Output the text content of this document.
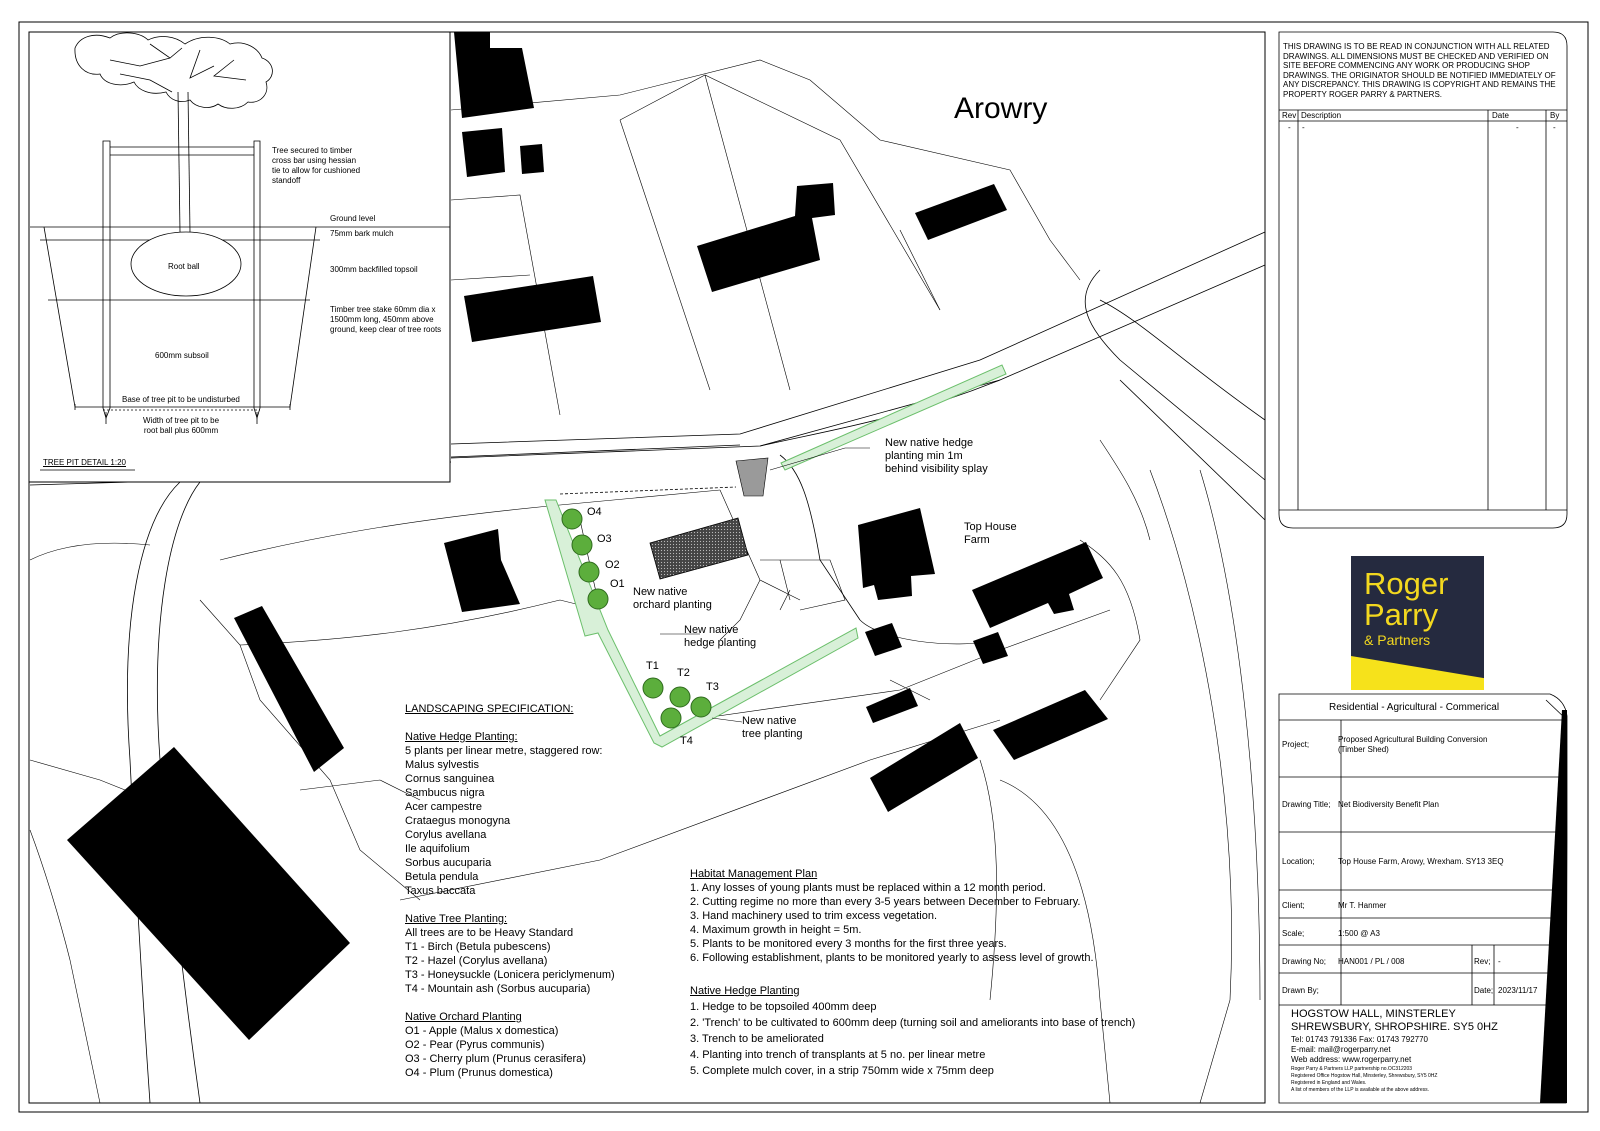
Arowry
Tree secured to timber
cross bar using hessian
tie to allow for cushioned
standoff
Ground level
75mm bark mulch
Root ball	300mm backfilled topsoil
Timber tree stake 60mm dia x
1500mm long, 450mm above
ground, keep clear of tree roots
600mm subsoil
Base of tree pit to be undisturbed
Width of tree pit to be
root ball plus 600mm
TREE PIT DETAIL 1:20
New native hedge
planting min 1m
behind visibility splay
Top House
Farm
New native
orchard planting
New native
hedge planting
New native
tree planting
O4
O3
O2
O1
T1
T2
T3
T4
LANDSCAPING SPECIFICATION:

Native Hedge Planting:
5 plants per linear metre, staggered row:
Malus sylvestis
Cornus sanguinea
Sambucus nigra
Acer campestre
Crataegus monogyna
Corylus avellana
Ile aquifolium
Sorbus aucuparia
Betula pendula
Taxus baccata

Native Tree Planting:
All trees are to be Heavy Standard
T1 - Birch (Betula pubescens)
T2 - Hazel (Corylus avellana)
T3 - Honeysuckle (Lonicera periclymenum)
T4 - Mountain ash (Sorbus aucuparia)

Native Orchard Planting
O1 - Apple (Malus x domestica)
O2 - Pear (Pyrus communis)
O3 - Cherry plum (Prunus cerasifera)
O4 - Plum (Prunus domestica)
Habitat Management Plan
1. Any losses of young plants must be replaced within a 12 month period.
2. Cutting regime no more than every 3-5 years between December to February.
3. Hand machinery used to trim excess vegetation.
4. Maximum growth in height = 5m.
5. Plants to be monitored every 3 months for the first three years.
6. Following establishment, plants to be monitored yearly to assess level of growth.
Native Hedge Planting
1. Hedge to be topsoiled 400mm deep
2. 'Trench' to be cultivated to 600mm deep (turning soil and ameliorants into base of trench)
3. Trench to be ameliorated
4. Planting into trench of transplants at 5 no. per linear metre
5. Complete mulch cover, in a strip 750mm wide x 75mm deep
THIS DRAWING IS TO BE READ IN CONJUNCTION WITH ALL RELATED
DRAWINGS. ALL DIMENSIONS MUST BE CHECKED AND VERIFIED ON
SITE BEFORE COMMENCING ANY WORK OR PRODUCING SHOP
DRAWINGS. THE ORIGINATOR SHOULD BE NOTIFIED IMMEDIATELY OF
ANY DISCREPANCY. THIS DRAWING IS COPYRIGHT AND REMAINS THE
PROPERTY ROGER PARRY & PARTNERS.
Rev Description	Date	By
- -	-	-
Roger
Parry
& Partners
Residential - Agricultural - Commerical
Project;
Proposed Agricultural Building Conversion
(Timber Shed)
Drawing Title; Net Biodiversity Benefit Plan
Location;	Top House Farm, Arowy, Wrexham. SY13 3EQ
Client;	Mr T. Hanmer
Scale;	1:500 @ A3
Drawing No; HAN001 / PL / 008	Rev; -
Drawn By;	Date; 2023/11/17
HOGSTOW HALL, MINSTERLEY
SHREWSBURY, SHROPSHIRE. SY5 0HZ
Tel: 01743 791336 Fax: 01743 792770
E-mail: mail@rogerparry.net
Web address: www.rogerparry.net
Roger Parry & Partners LLP partnership no.OC312203
Registered Office Hogstow Hall, Minsterley, Shrewsbury, SY5 0HZ
Registered in England and Wales.
A list of members of the LLP is available at the above address.
